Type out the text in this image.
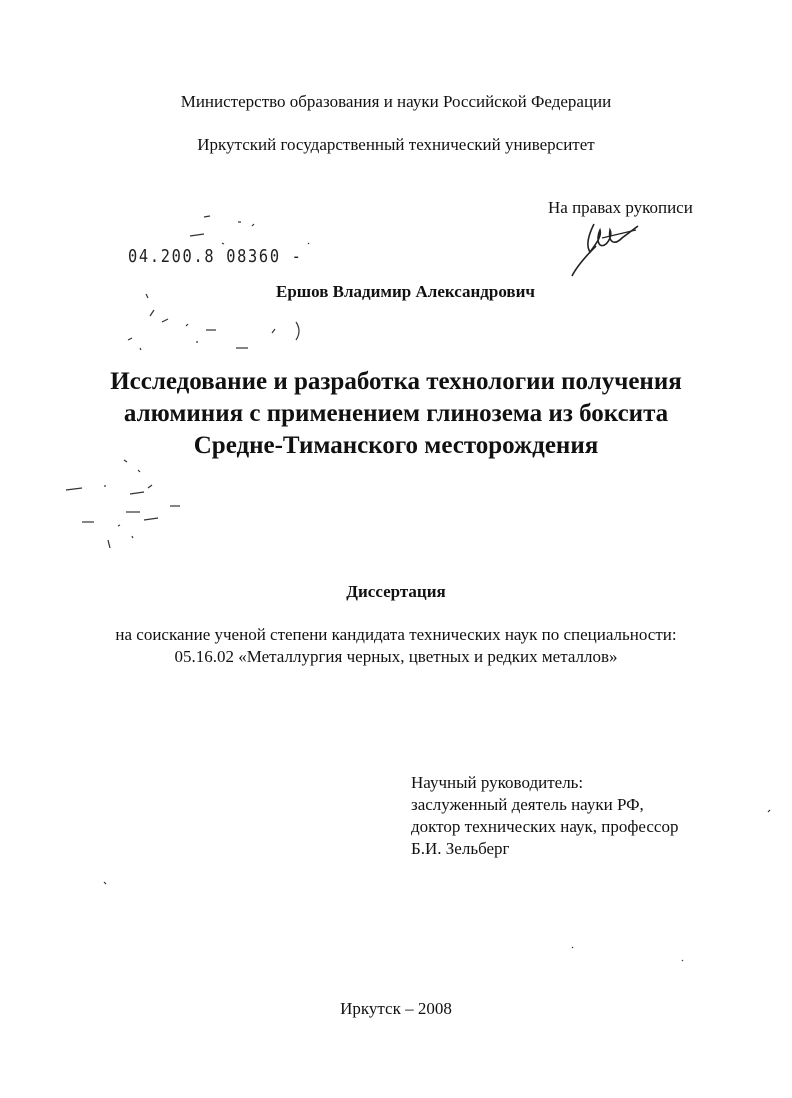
Министерство образования и науки Российской Федерации
Иркутский государственный технический университет
На правах рукописи
04.200.8 08360 -
Ершов Владимир Александрович
Исследование и разработка технологии получения
алюминия с применением глинозема из боксита
Средне-Тиманского месторождения
Диссертация
на соискание ученой степени кандидата технических наук по специальности:
05.16.02 «Металлургия черных, цветных и редких металлов»
Научный руководитель:
заслуженный деятель науки РФ,
доктор технических наук, профессор
Б.И. Зельберг
Иркутск – 2008
